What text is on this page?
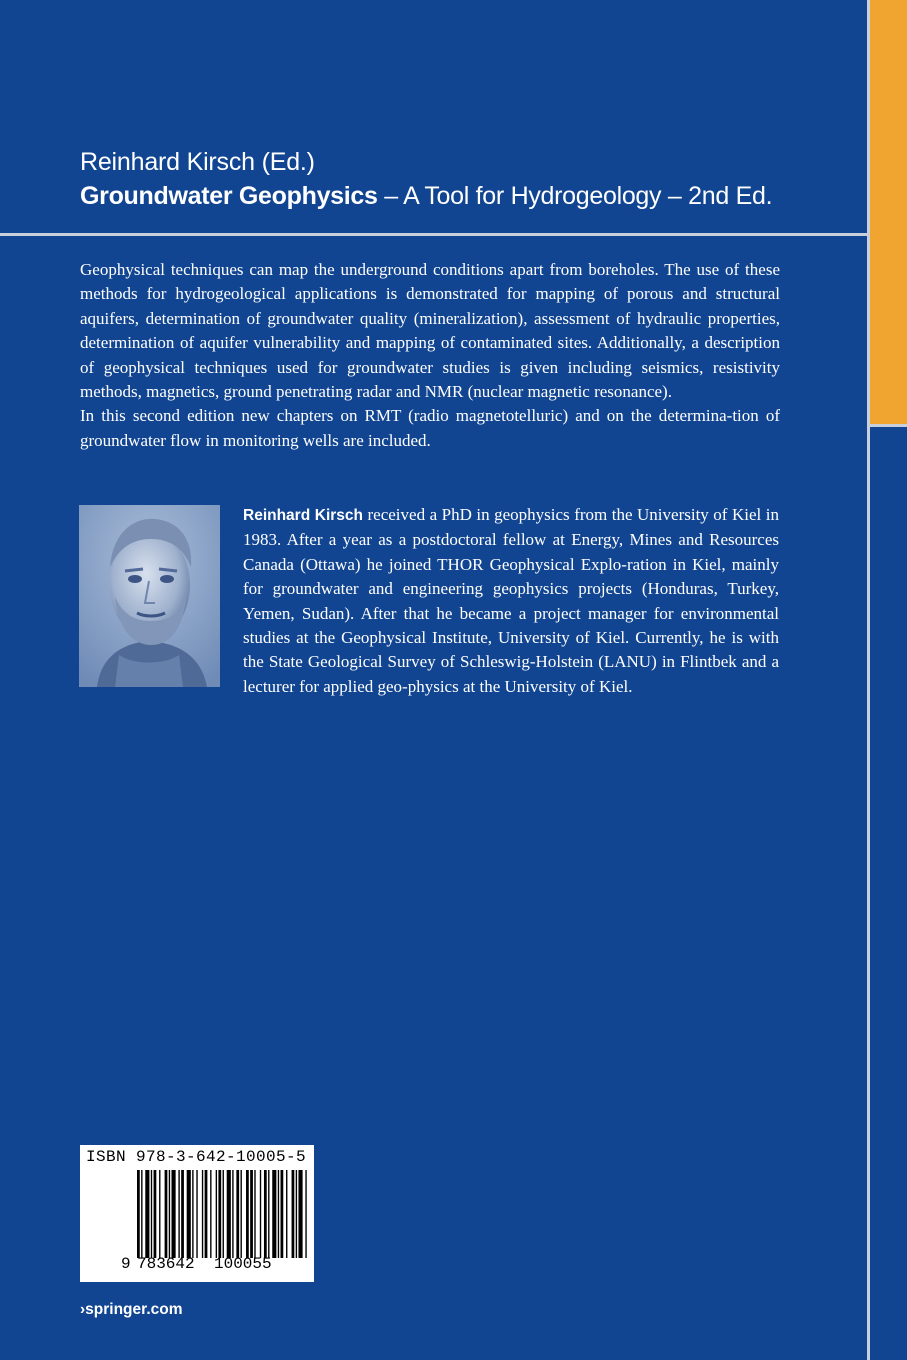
Reinhard Kirsch (Ed.)
Groundwater Geophysics – A Tool for Hydrogeology – 2nd Ed.

Geophysical techniques can map the underground conditions apart from boreholes. The use of these methods for hydrogeological applications is demonstrated for mapping of porous and structural aquifers, determination of groundwater quality (mineralization), assessment of hydraulic properties, determination of aquifer vulnerability and mapping of contaminated sites. Additionally, a description of geophysical techniques used for groundwater studies is given including seismics, resistivity methods, magnetics, ground penetrating radar and NMR (nuclear magnetic resonance).

In this second edition new chapters on RMT (radio magnetotelluric) and on the determina-tion of groundwater flow in monitoring wells are included.

Reinhard Kirsch received a PhD in geophysics from the University of Kiel in 1983. After a year as a postdoctoral fellow at Energy, Mines and Resources Canada (Ottawa) he joined THOR Geophysical Explo-ration in Kiel, mainly for groundwater and engineering geophysics projects (Honduras, Turkey, Yemen, Sudan). After that he became a project manager for environmental studies at the Geophysical Institute, University of Kiel. Currently, he is with the State Geological Survey of Schleswig-Holstein (LANU) in Flintbek and a lecturer for applied geo-physics at the University of Kiel.
ISBN 978-3-642-10005-5
9 783642 100055
›springer.com
